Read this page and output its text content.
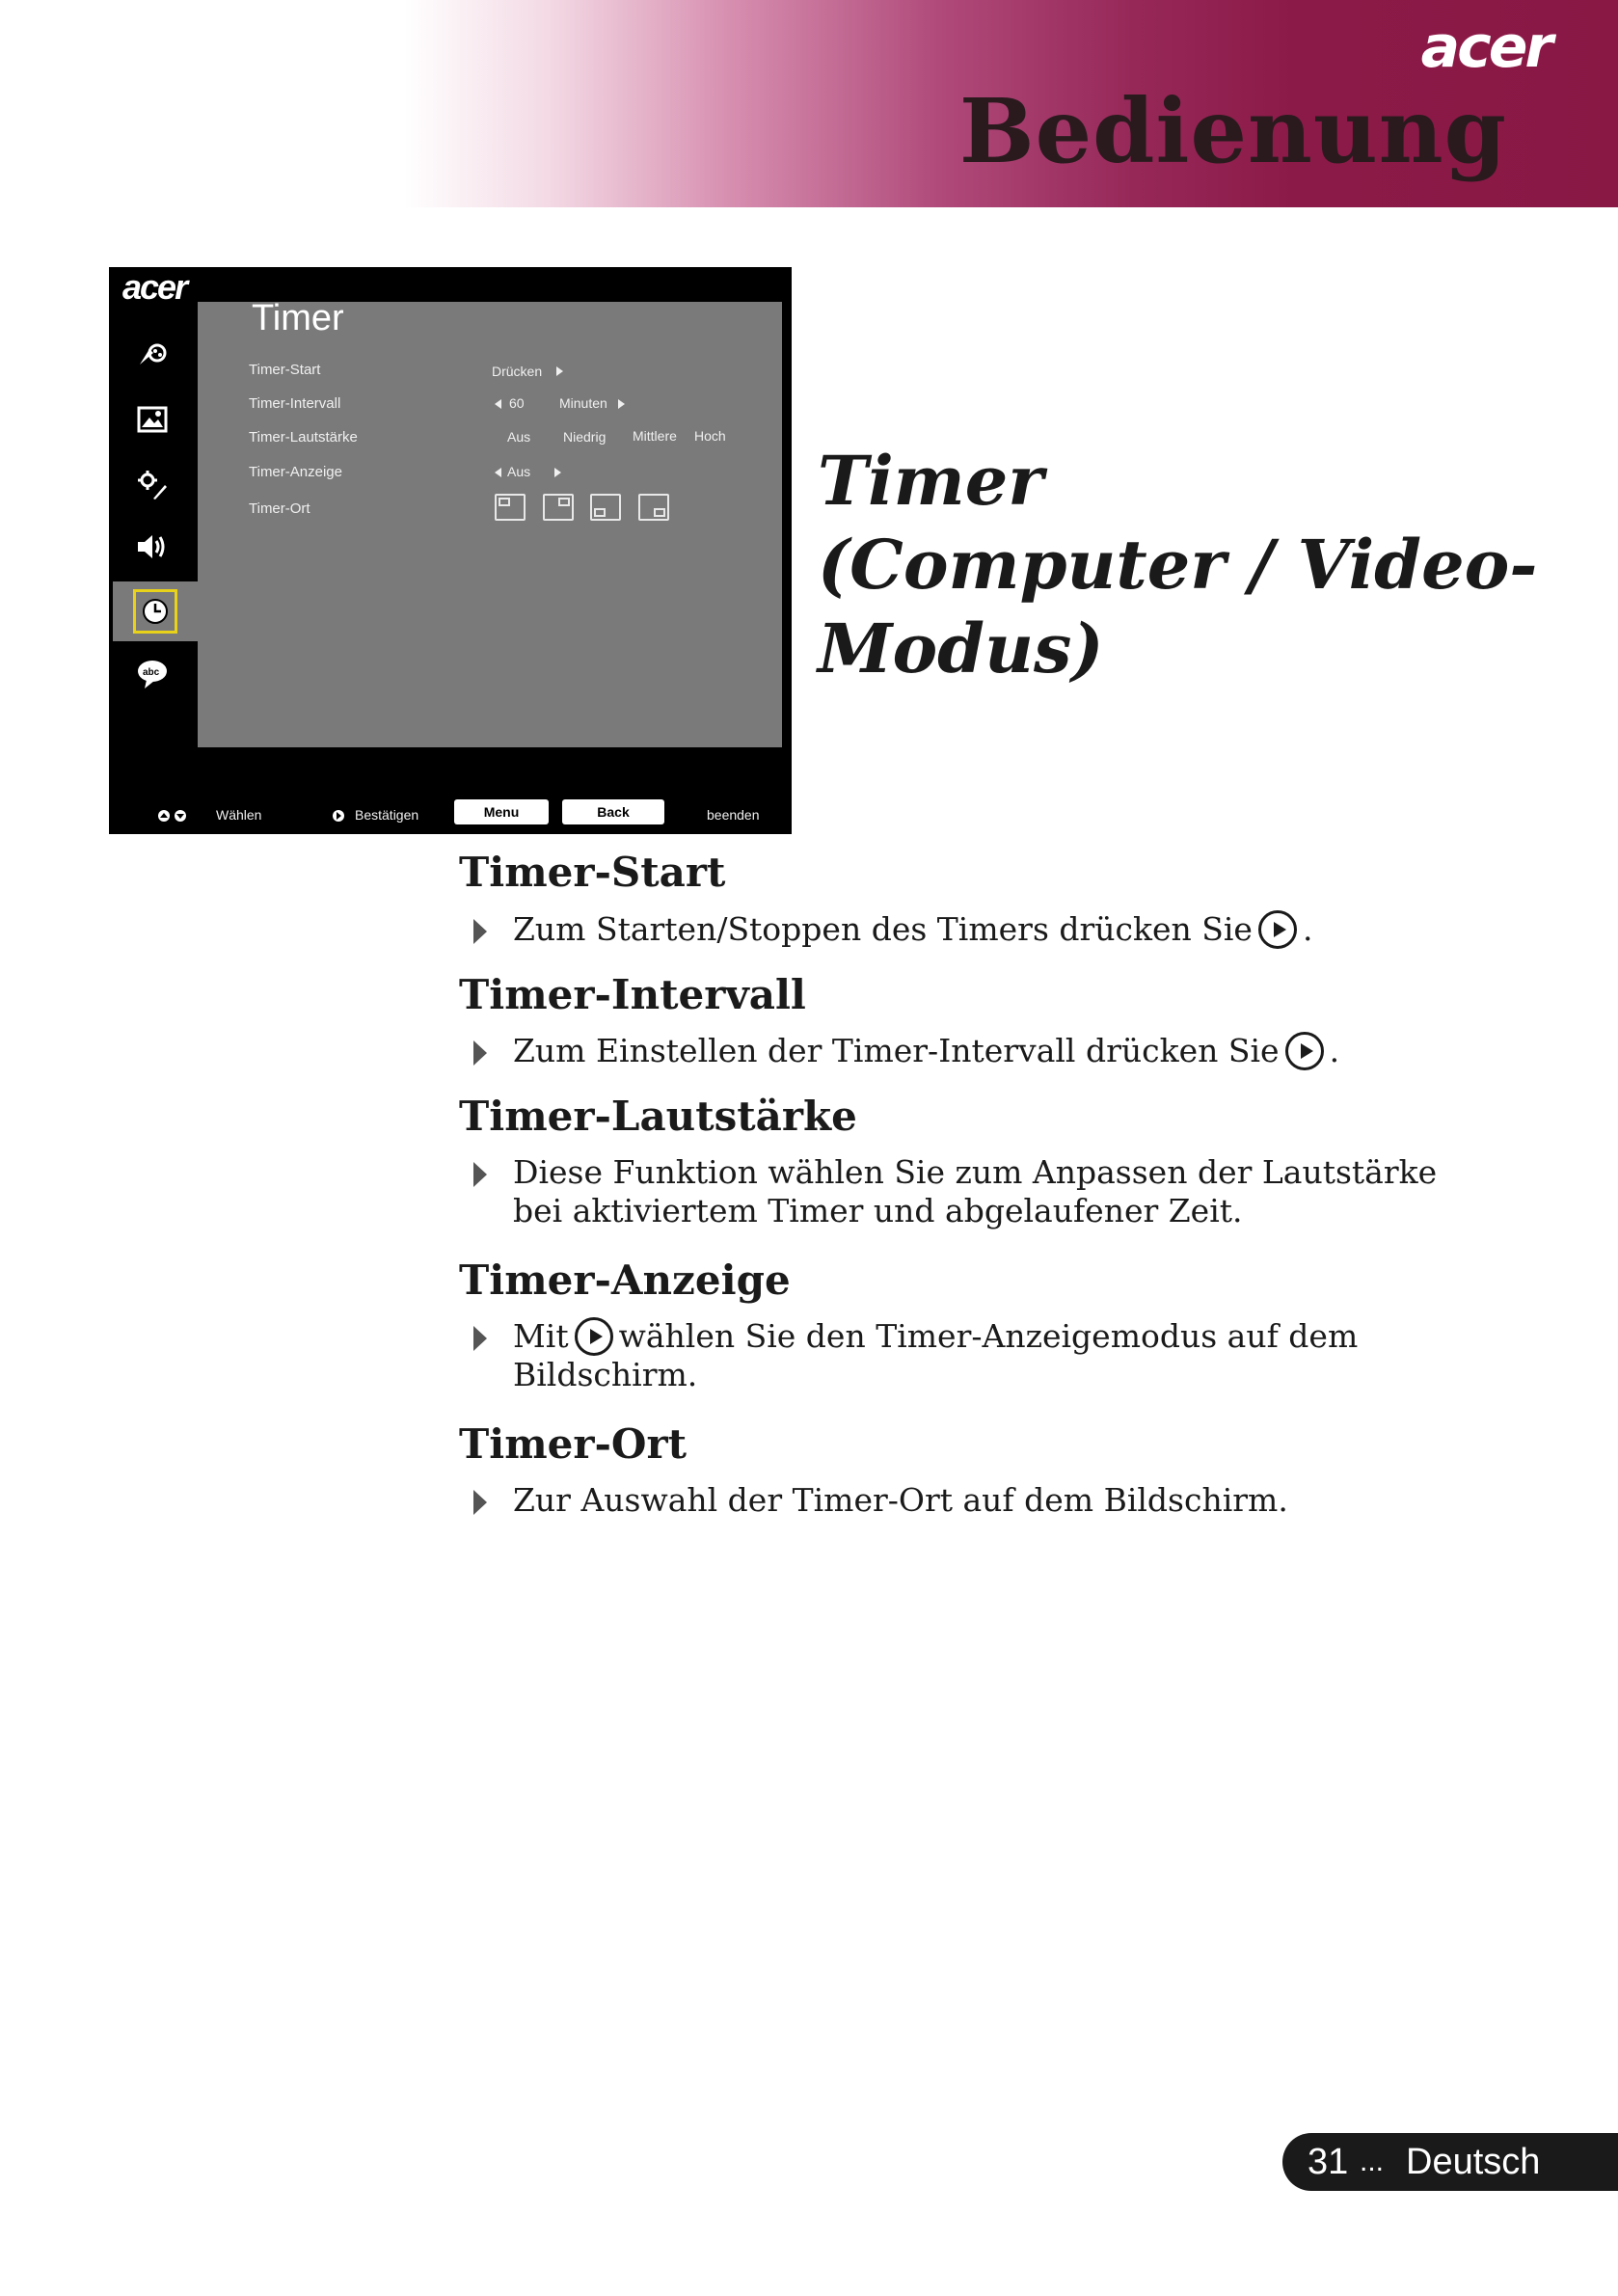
acer
Bedienung
acer
abc
Timer
Timer-Start	Drücken
Timer-Intervall	60	Minuten
Timer-Lautstärke	Aus Niedrig Mittlere Hoch
Timer-Anzeige	Aus
Timer-Ort
Wählen	Bestätigen	Menu	Back	beenden
Timer
(Computer / Video-
Modus)
Timer-Start
Zum Starten/Stoppen des Timers drücken Sie .
Timer-Intervall
Zum Einstellen der Timer-Intervall drücken Sie .
Timer-Lautstärke
Diese Funktion wählen Sie zum Anpassen der Lautstärke bei aktiviertem Timer und abgelaufener Zeit.
Timer-Anzeige
Mit wählen Sie den Timer-Anzeigemodus auf dem Bildschirm.
Timer-Ort
Zur Auswahl der Timer-Ort auf dem Bildschirm.
31 ... Deutsch
